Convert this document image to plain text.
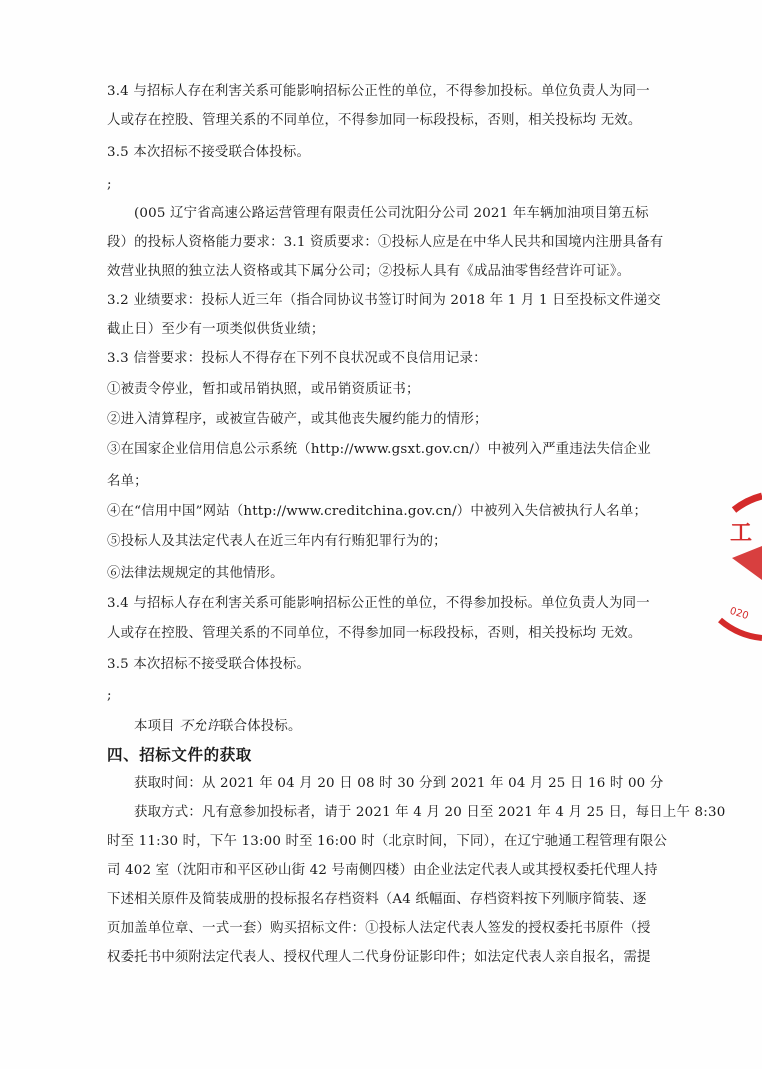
3.4 与招标人存在利害关系可能影响招标公正性的单位，不得参加投标。单位负责人为同一
人或存在控股、管理关系的不同单位，不得参加同一标段投标，否则，相关投标均 无效。
3.5 本次招标不接受联合体投标。
;
(005 辽宁省高速公路运营管理有限责任公司沈阳分公司 2021 年车辆加油项目第五标
段）的投标人资格能力要求：3.1 资质要求：①投标人应是在中华人民共和国境内注册具备有
效营业执照的独立法人资格或其下属分公司；②投标人具有《成品油零售经营许可证》。
3.2 业绩要求：投标人近三年（指合同协议书签订时间为 2018 年 1 月 1 日至投标文件递交
截止日）至少有一项类似供货业绩；
3.3 信誉要求：投标人不得存在下列不良状况或不良信用记录：
①被责令停业，暂扣或吊销执照，或吊销资质证书；
②进入清算程序，或被宣告破产，或其他丧失履约能力的情形；
③在国家企业信用信息公示系统（http://www.gsxt.gov.cn/）中被列入严重违法失信企业
名单；
④在“信用中国”网站（http://www.creditchina.gov.cn/）中被列入失信被执行人名单；
⑤投标人及其法定代表人在近三年内有行贿犯罪行为的；
⑥法律法规规定的其他情形。
3.4 与招标人存在利害关系可能影响招标公正性的单位，不得参加投标。单位负责人为同一
人或存在控股、管理关系的不同单位，不得参加同一标段投标，否则，相关投标均 无效。
3.5 本次招标不接受联合体投标。
;
本项目 不允许联合体投标。
四、招标文件的获取
获取时间：从 2021 年 04 月 20 日 08 时 30 分到 2021 年 04 月 25 日 16 时 00 分
获取方式：凡有意参加投标者，请于 2021 年 4 月 20 日至 2021 年 4 月 25 日，每日上午 8:30
时至 11:30 时，下午 13:00 时至 16:00 时（北京时间，下同），在辽宁驰通工程管理有限公
司 402 室（沈阳市和平区砂山街 42 号南侧四楼）由企业法定代表人或其授权委托代理人持
下述相关原件及简装成册的投标报名存档资料（A4 纸幅面、存档资料按下列顺序简装、逐
页加盖单位章、一式一套）购买招标文件：①投标人法定代表人签发的授权委托书原件（授
权委托书中须附法定代表人、授权代理人二代身份证影印件；如法定代表人亲自报名，需提
工
020
